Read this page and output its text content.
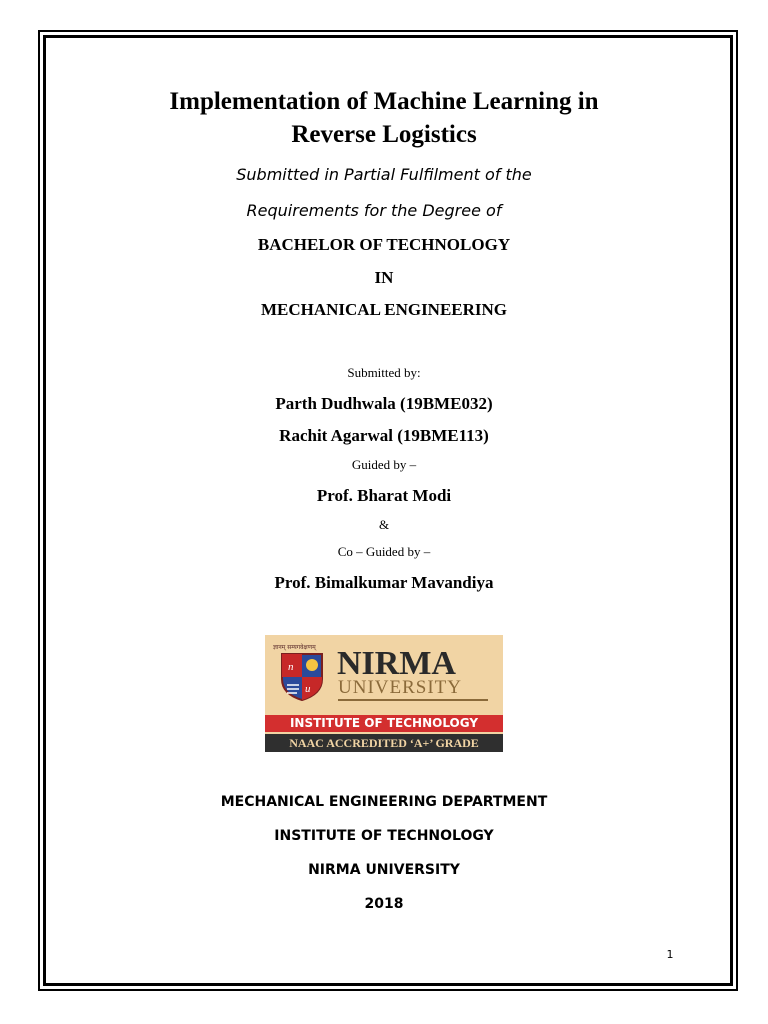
Implementation of Machine Learning in
Reverse Logistics
Submitted in Partial Fulfilment of the
Requirements for the Degree of
BACHELOR OF TECHNOLOGY
IN
MECHANICAL ENGINEERING
Submitted by:
Parth Dudhwala (19BME032)
Rachit Agarwal (19BME113)
Guided by –
Prof. Bharat Modi
&
Co – Guided by –
Prof. Bimalkumar Mavandiya
ज्ञानम् सम्यगवेक्षणम्
n
u
NIRMA
UNIVERSITY
INSTITUTE OF TECHNOLOGY
NAAC ACCREDITED ‘A+’ GRADE
MECHANICAL ENGINEERING DEPARTMENT
INSTITUTE OF TECHNOLOGY
NIRMA UNIVERSITY
2018
1
